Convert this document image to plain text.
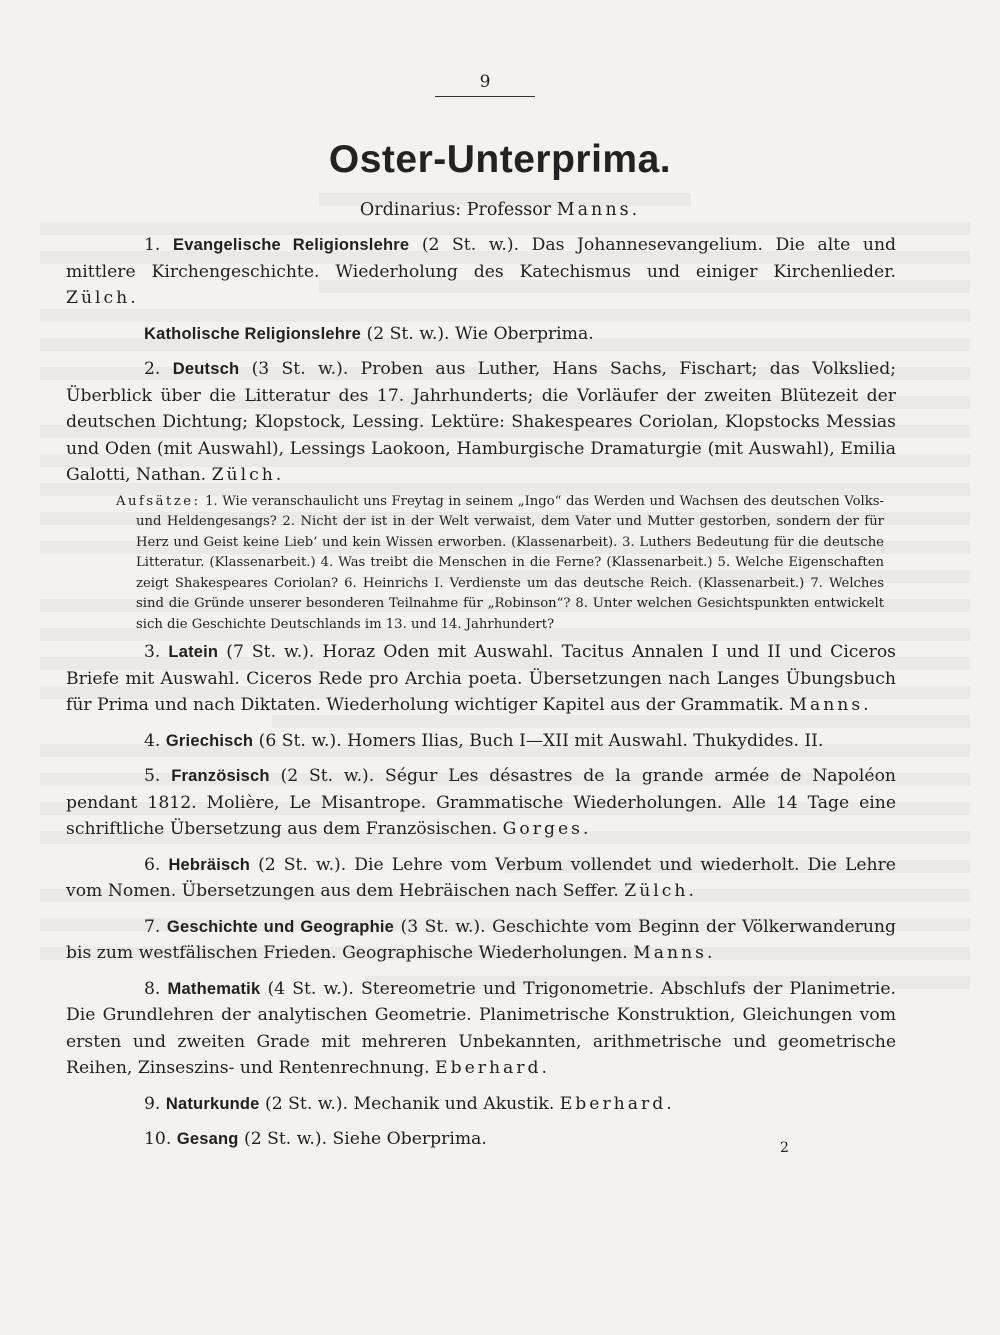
9
Oster-Unterprima.
Ordinarius: Professor Manns.

1. Evangelische Religionslehre (2 St. w.). Das Johannesevangelium. Die alte und mittlere Kirchengeschichte. Wiederholung des Katechismus und einiger Kirchenlieder. Zülch.

Katholische Religionslehre (2 St. w.). Wie Oberprima.

2. Deutsch (3 St. w.). Proben aus Luther, Hans Sachs, Fischart; das Volkslied; Überblick über die Litteratur des 17. Jahrhunderts; die Vorläufer der zweiten Blütezeit der deutschen Dichtung; Klopstock, Lessing. Lektüre: Shakespeares Coriolan, Klopstocks Messias und Oden (mit Auswahl), Lessings Laokoon, Hamburgische Dramaturgie (mit Auswahl), Emilia Galotti, Nathan. Zülch.

Aufsätze: 1. Wie veranschaulicht uns Freytag in seinem „Ingo“ das Werden und Wachsen des deutschen Volks- und Heldengesangs? 2. Nicht der ist in der Welt verwaist, dem Vater und Mutter gestorben, sondern der für Herz und Geist keine Lieb’ und kein Wissen erworben. (Klassenarbeit). 3. Luthers Bedeutung für die deutsche Litteratur. (Klassenarbeit.) 4. Was treibt die Menschen in die Ferne? (Klassenarbeit.) 5. Welche Eigenschaften zeigt Shakespeares Coriolan? 6. Heinrichs I. Verdienste um das deutsche Reich. (Klassenarbeit.) 7. Welches sind die Gründe unserer besonderen Teilnahme für „Robinson“? 8. Unter welchen Gesichtspunkten entwickelt sich die Geschichte Deutschlands im 13. und 14. Jahrhundert?

3. Latein (7 St. w.). Horaz Oden mit Auswahl. Tacitus Annalen I und II und Ciceros Briefe mit Auswahl. Ciceros Rede pro Archia poeta. Übersetzungen nach Langes Übungsbuch für Prima und nach Diktaten. Wiederholung wichtiger Kapitel aus der Grammatik. Manns.

4. Griechisch (6 St. w.). Homers Ilias, Buch I—XII mit Auswahl. Thukydides. II.

5. Französisch (2 St. w.). Ségur Les désastres de la grande armée de Napoléon pendant 1812. Molière, Le Misantrope. Grammatische Wiederholungen. Alle 14 Tage eine schriftliche Übersetzung aus dem Französischen. Gorges.

6. Hebräisch (2 St. w.). Die Lehre vom Verbum vollendet und wiederholt. Die Lehre vom Nomen. Übersetzungen aus dem Hebräischen nach Seffer. Zülch.

7. Geschichte und Geographie (3 St. w.). Geschichte vom Beginn der Völkerwanderung bis zum westfälischen Frieden. Geographische Wiederholungen. Manns.

8. Mathematik (4 St. w.). Stereometrie und Trigonometrie. Abschlufs der Planimetrie. Die Grundlehren der analytischen Geometrie. Planimetrische Konstruktion, Gleichungen vom ersten und zweiten Grade mit mehreren Unbekannten, arithmetrische und geometrische Reihen, Zinseszins- und Rentenrechnung. Eberhard.

9. Naturkunde (2 St. w.). Mechanik und Akustik. Eberhard.

10. Gesang (2 St. w.). Siehe Oberprima.	2
